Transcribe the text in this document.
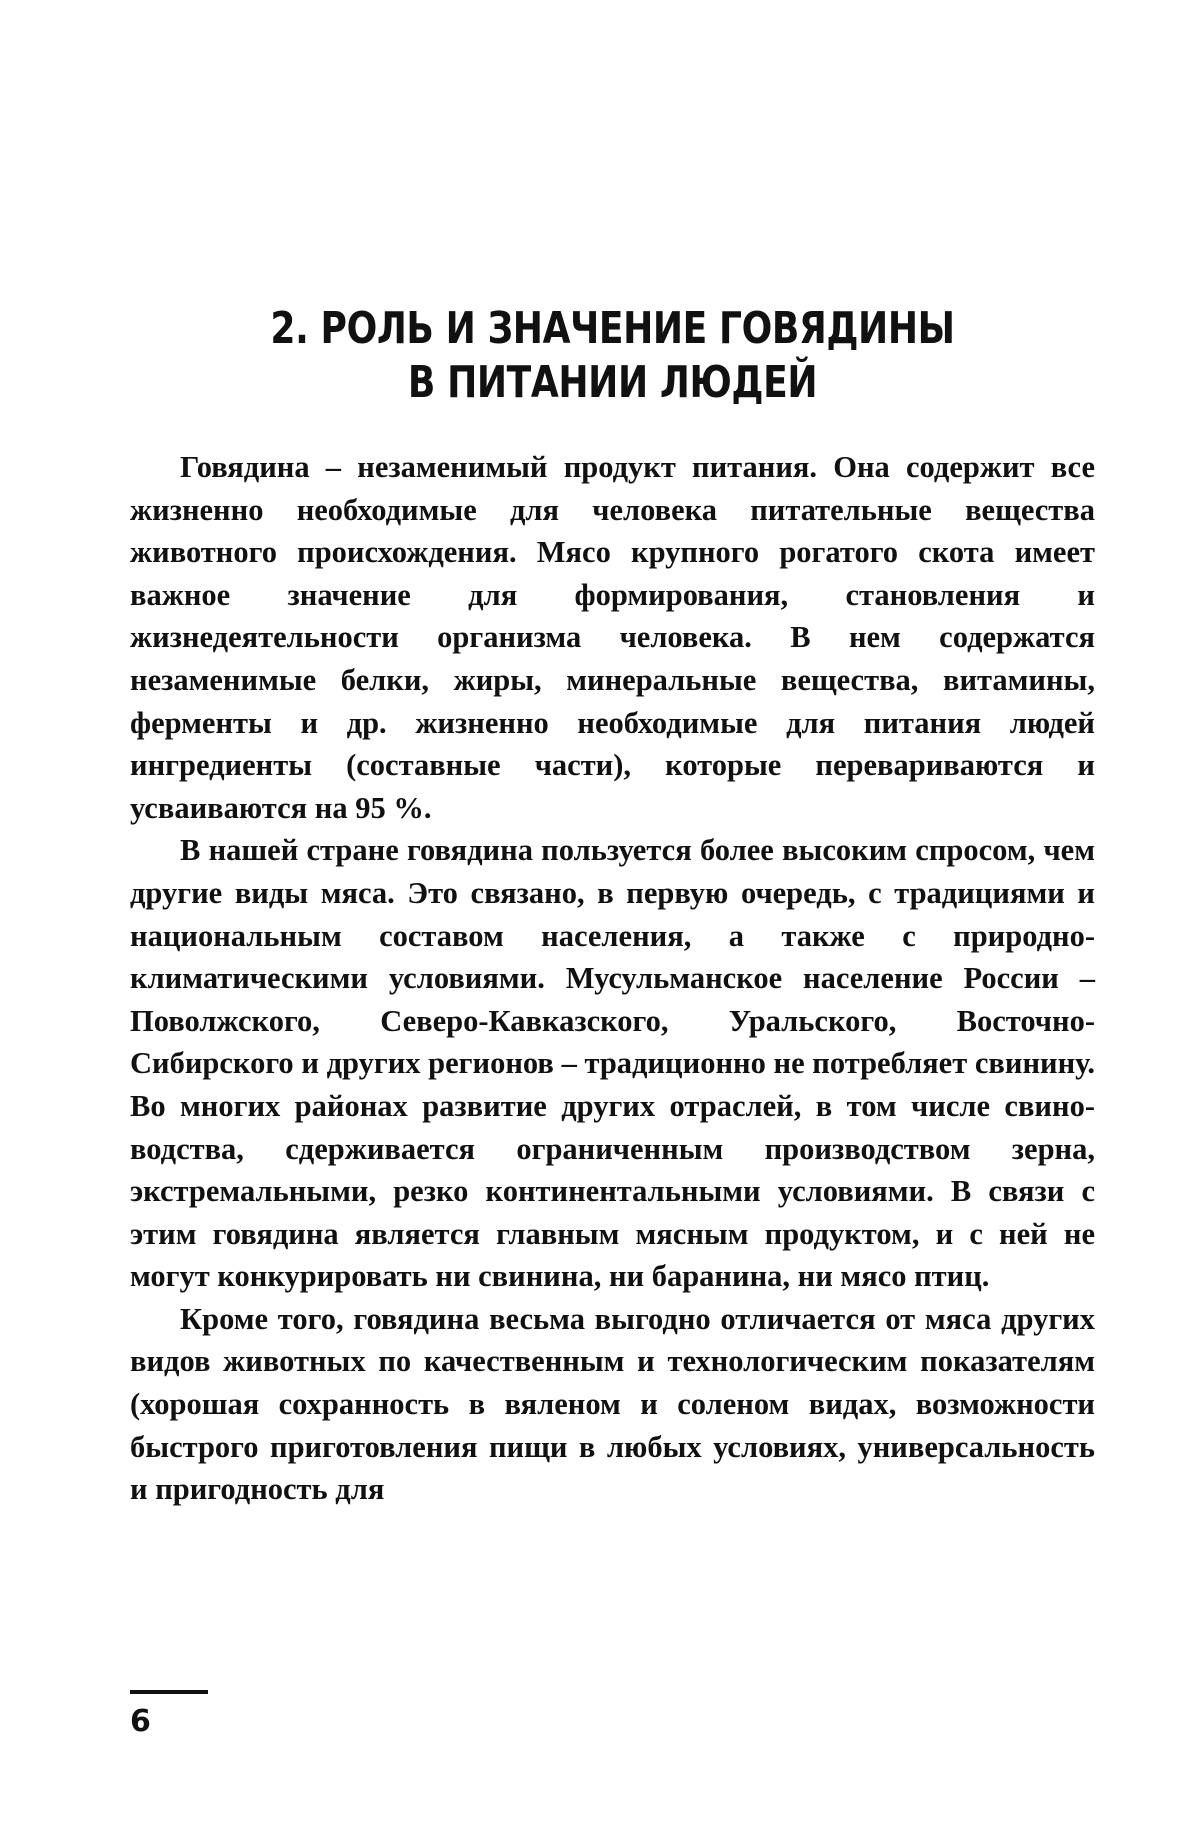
2. РОЛЬ И ЗНАЧЕНИЕ ГОВЯДИНЫ
В ПИТАНИИ ЛЮДЕЙ

Говядина – незаменимый продукт питания. Она содержит все жизненно необходимые для человека питательные вещества животного происхождения. Мясо крупного рогатого скота имеет важное значение для формирования, становления и жизнедеятельности организма человека. В нем содержатся незаменимые белки, жиры, минеральные вещества, витамины, ферменты и др. жизненно необходимые для питания людей ингредиенты (составные части), которые перевариваются и усваиваются на 95 %.

В нашей стране говядина пользуется более высоким спросом, чем другие виды мяса. Это связано, в первую очередь, с традициями и национальным составом населения, а также с природно-климатическими условиями. Мусульманское население России – Поволжского, Северо-Кавказского, Уральского, Восточно-Сибирского и других регионов – традиционно не потребляет свинину. Во многих районах развитие других отраслей, в том числе свиноводства, сдерживается ограниченным производством зерна, экстремальными, резко континентальными условиями. В связи с этим говядина является главным мясным продуктом, и с ней не могут конкурировать ни свинина, ни баранина, ни мясо птиц.

Кроме того, говядина весьма выгодно отличается от мяса других видов животных по качественным и технологическим показателям (хорошая сохранность в вяленом и соленом видах, возможности быстрого приготовления пищи в любых условиях, универсальность и пригодность для

6
